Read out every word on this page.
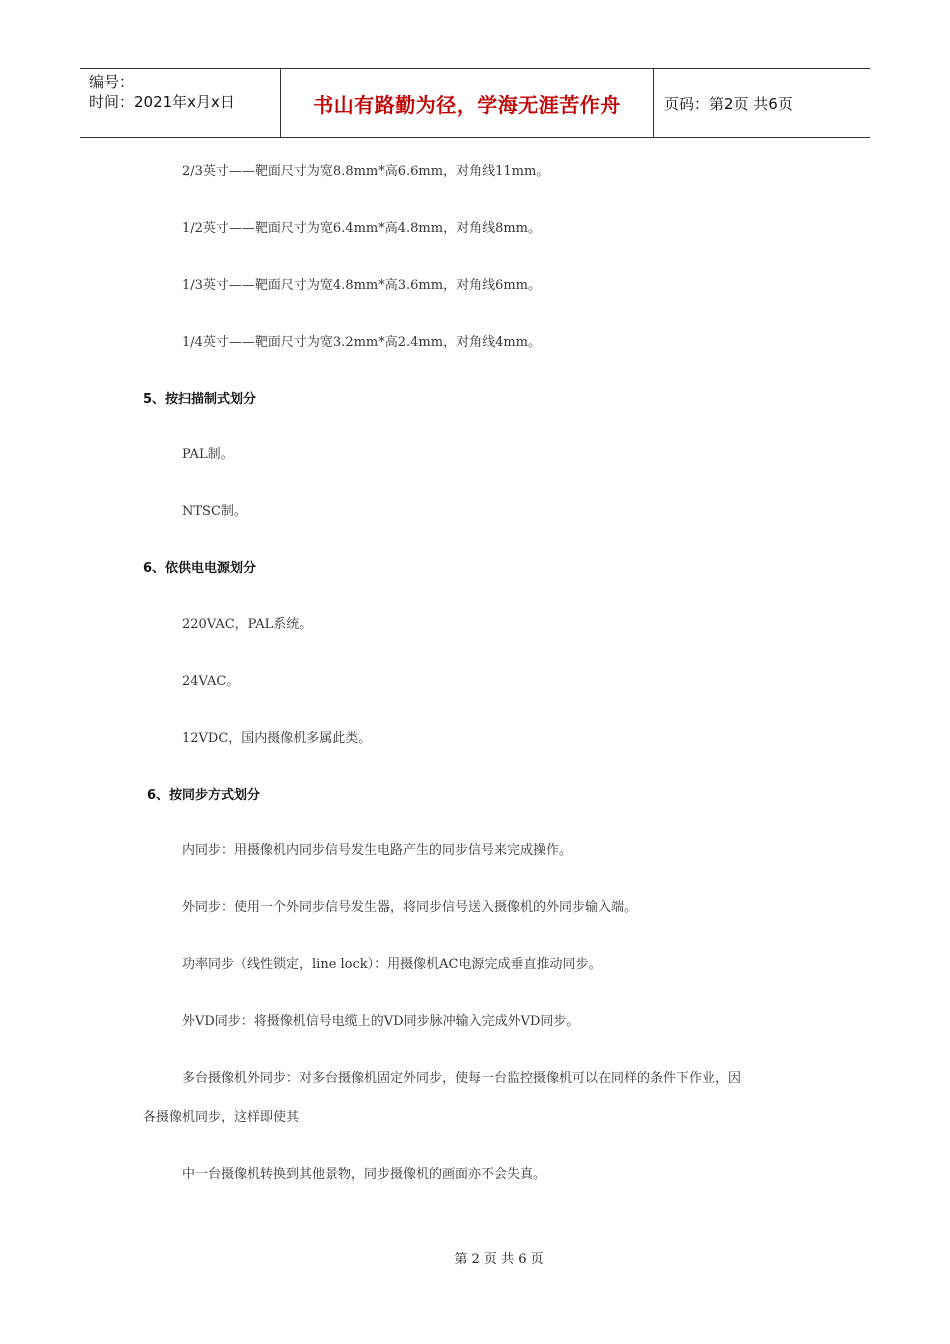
编号：
时间：2021年x月x日	书山有路勤为径，学海无涯苦作舟	页码：第2页 共6页
2/3英寸——靶面尺寸为宽8.8mm*高6.6mm，对角线11mm。
1/2英寸——靶面尺寸为宽6.4mm*高4.8mm，对角线8mm。
1/3英寸——靶面尺寸为宽4.8mm*高3.6mm，对角线6mm。
1/4英寸——靶面尺寸为宽3.2mm*高2.4mm，对角线4mm。
5、按扫描制式划分
PAL制。
NTSC制。
6、依供电电源划分
220VAC，PAL系统。
24VAC。
12VDC，国内摄像机多属此类。
6、按同步方式划分
内同步：用摄像机内同步信号发生电路产生的同步信号来完成操作。
外同步：使用一个外同步信号发生器，将同步信号送入摄像机的外同步输入端。
功率同步（线性锁定，line lock）：用摄像机AC电源完成垂直推动同步。
外VD同步：将摄像机信号电缆上的VD同步脉冲输入完成外VD同步。
多台摄像机外同步：对多台摄像机固定外同步，使每一台监控摄像机可以在同样的条件下作业，因
各摄像机同步，这样即使其
中一台摄像机转换到其他景物，同步摄像机的画面亦不会失真。
第 2 页 共 6 页
